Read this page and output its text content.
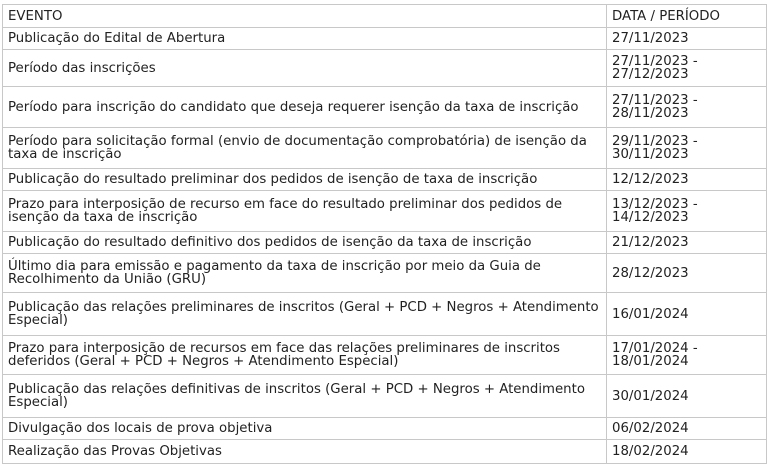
EVENTO	DATA / PERÍODO
Publicação do Edital de Abertura	27/11/2023
Período das inscrições	27/11/2023 - 27/12/2023
Período para inscrição do candidato que deseja requerer isenção da taxa de inscrição	27/11/2023 - 28/11/2023
Período para solicitação formal (envio de documentação comprobatória) de isenção da taxa de inscrição	29/11/2023 - 30/11/2023
Publicação do resultado preliminar dos pedidos de isenção de taxa de inscrição	12/12/2023
Prazo para interposição de recurso em face do resultado preliminar dos pedidos de isenção da taxa de inscrição	13/12/2023 - 14/12/2023
Publicação do resultado definitivo dos pedidos de isenção da taxa de inscrição	21/12/2023
Último dia para emissão e pagamento da taxa de inscrição por meio da Guia de Recolhimento da União (GRU)	28/12/2023
Publicação das relações preliminares de inscritos (Geral + PCD + Negros + Atendimento Especial)	16/01/2024
Prazo para interposição de recursos em face das relações preliminares de inscritos deferidos (Geral + PCD + Negros + Atendimento Especial)	17/01/2024 - 18/01/2024
Publicação das relações definitivas de inscritos (Geral + PCD + Negros + Atendimento Especial)	30/01/2024
Divulgação dos locais de prova objetiva	06/02/2024
Realização das Provas Objetivas	18/02/2024
